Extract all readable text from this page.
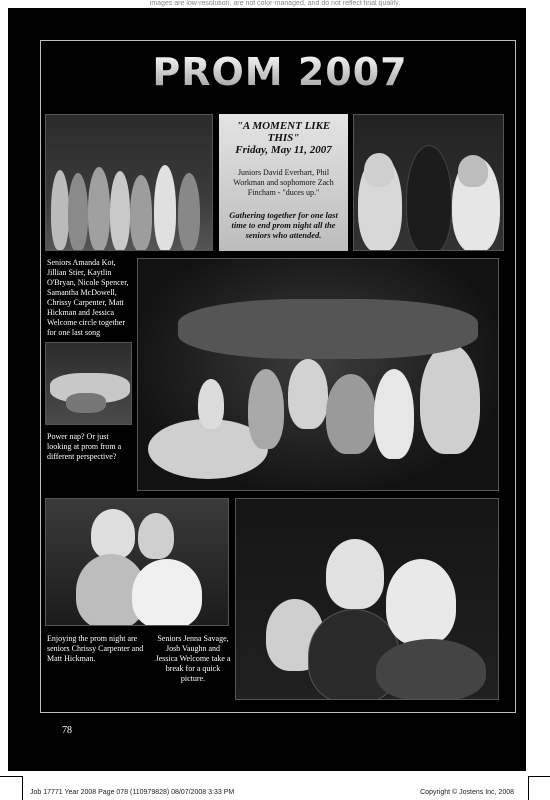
images are low-resolution, are not color-managed, and do not reflect final quality.
PROM 2007
"A MOMENT LIKE THIS"
Friday, May 11, 2007
Juniors David Everhart, Phil Workman and sophomore Zach Fincham - "duces up."
Gathering together for one last time to end prom night all the seniors who attended.
Seniors Amanda Kot, Jillian Stier, Kaytlin O'Bryan, Nicole Spencer, Samantha McDowell, Chrissy Carpenter, Matt Hickman and Jessica Welcome circle together for one last song
Power nap? Or just looking at prom from a different perspective?
Enjoying the prom night are seniors Chrissy Carpenter and Matt Hickman.
Seniors Jenna Savage, Josh Vaughn and Jessica Welcome take a break for a quick picture.
78
Job 17771 Year 2008 Page 078 (110979828) 08/07/2008 3:33 PM	Copyright © Jostens Inc, 2008
